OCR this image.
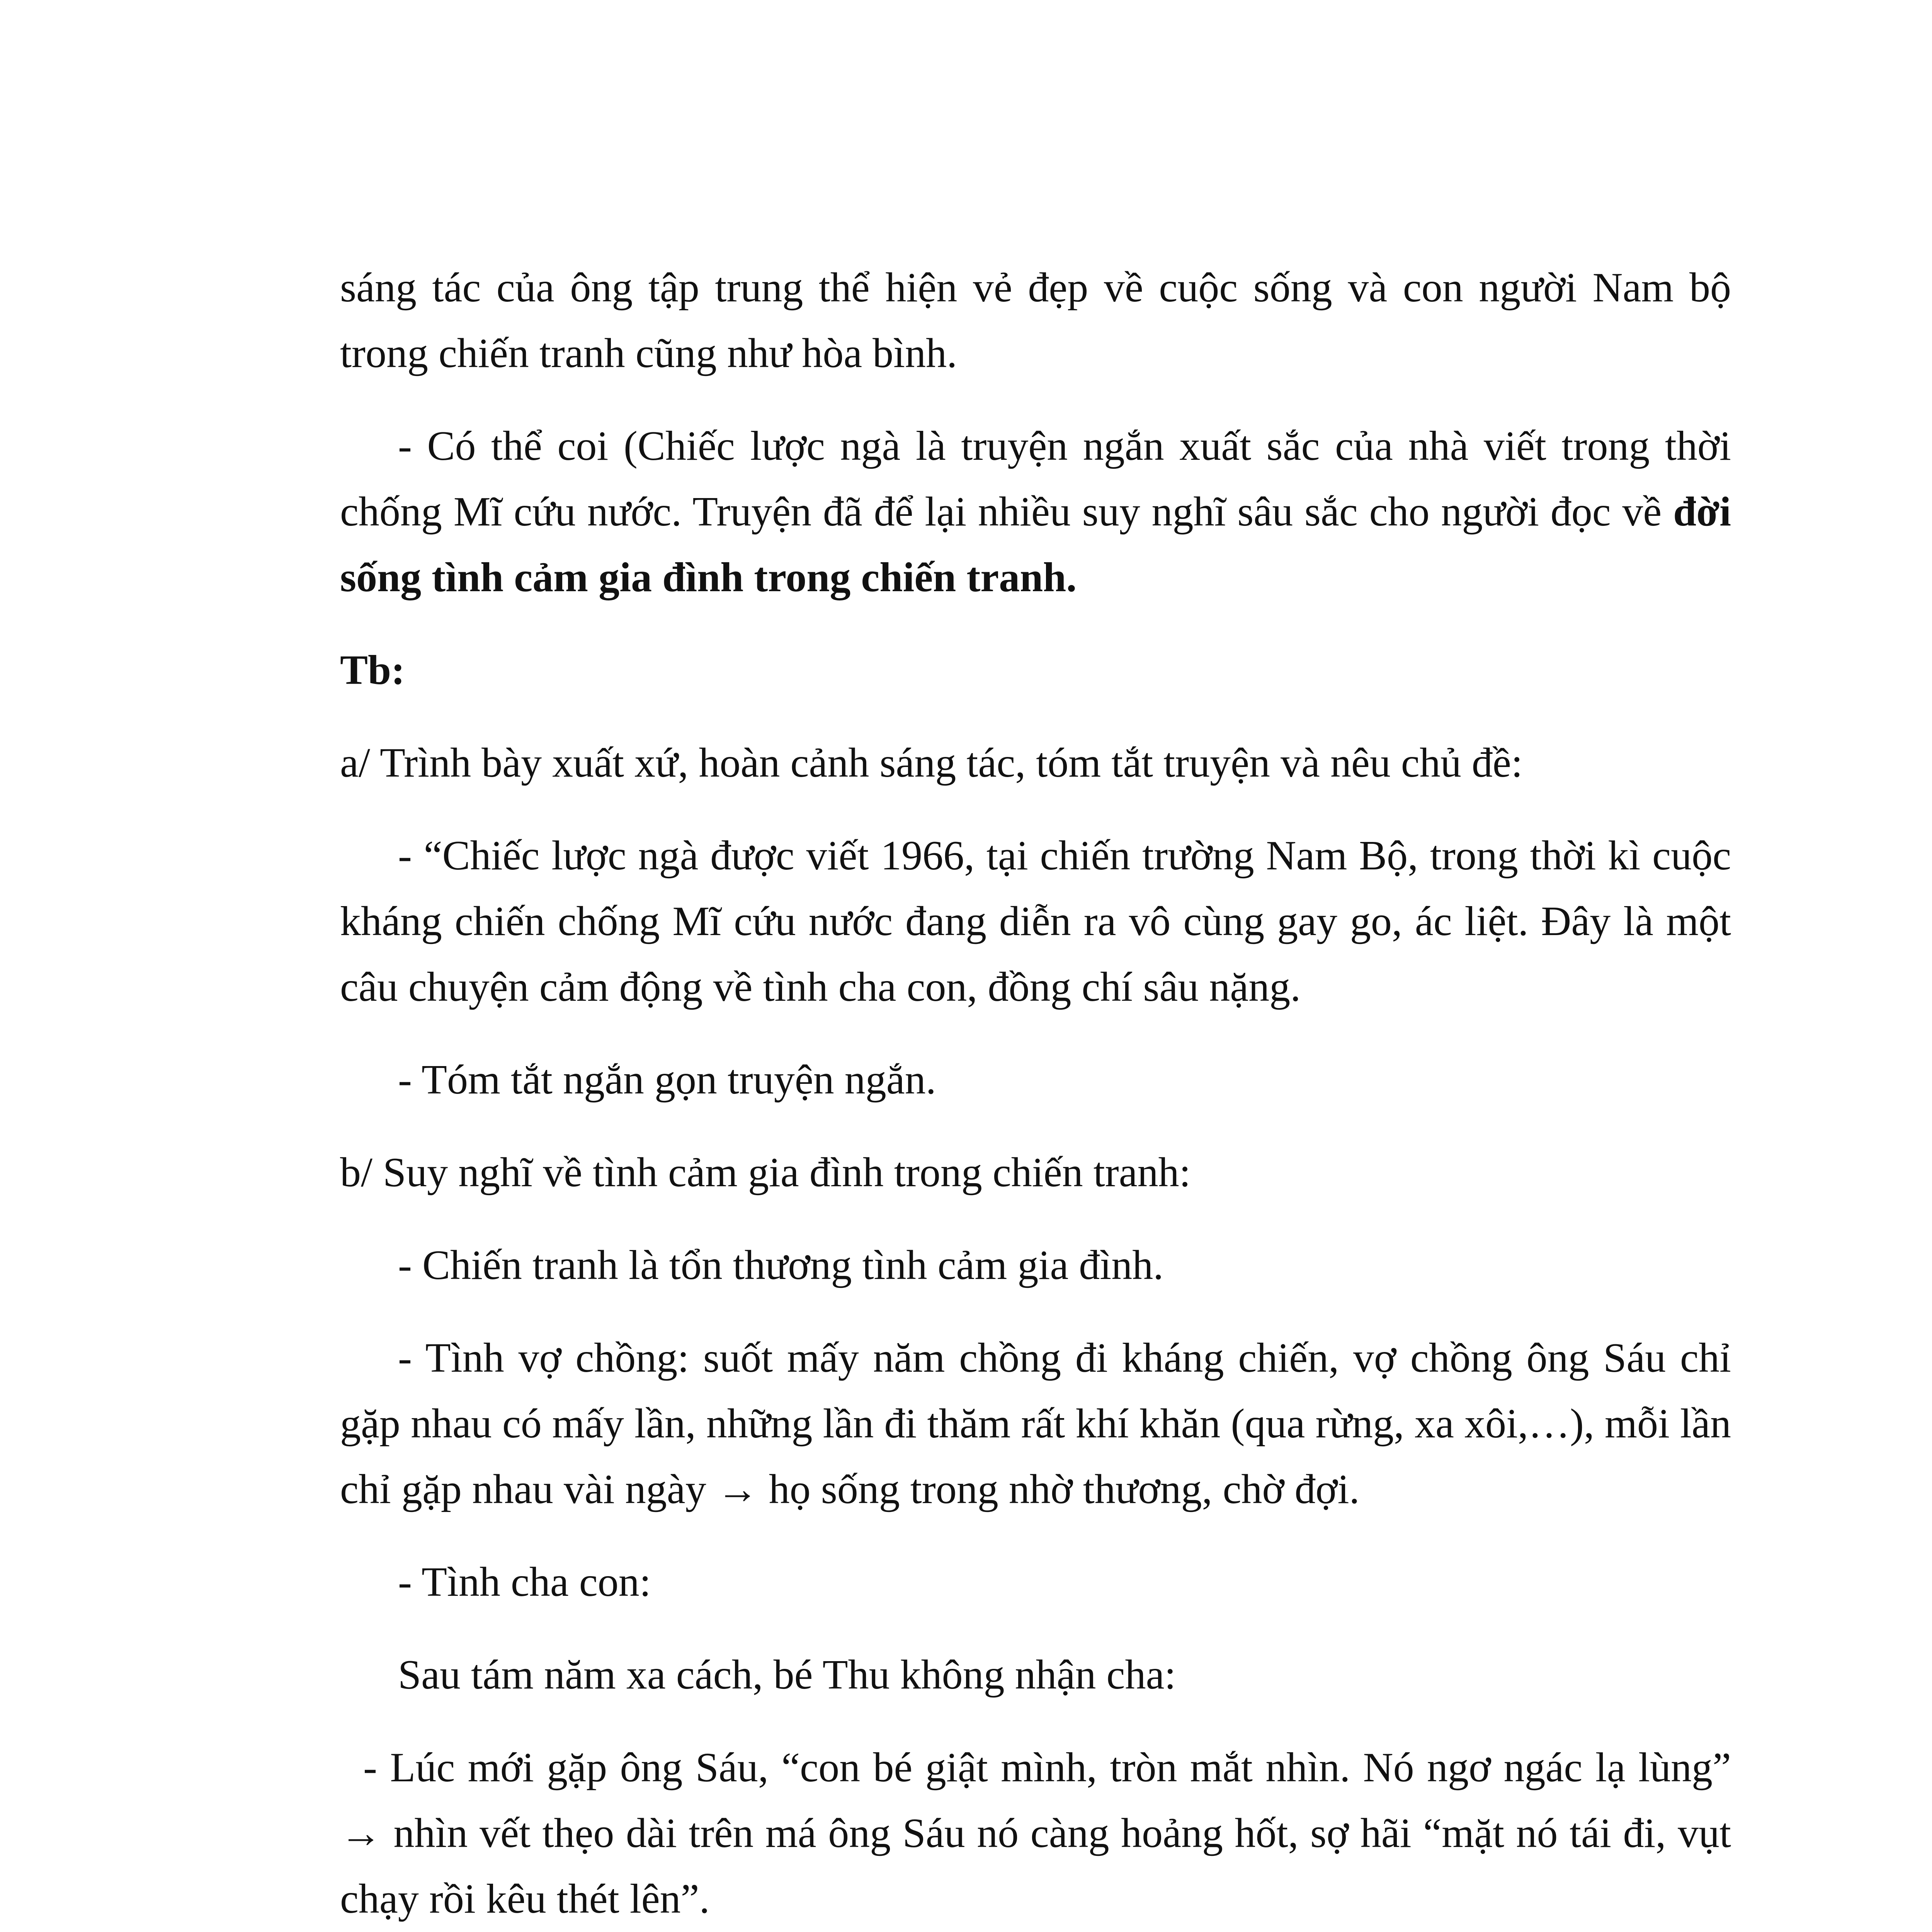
sáng tác của ông tập trung thể hiện vẻ đẹp về cuộc sống và con người Nam bộ trong chiến tranh cũng như hòa bình.

- Có thể coi (Chiếc lược ngà là truyện ngắn xuất sắc của nhà viết trong thời chống Mĩ cứu nước. Truyện đã để lại nhiều suy nghĩ sâu sắc cho người đọc về đời sống tình cảm gia đình trong chiến tranh.

Tb:

a/ Trình bày xuất xứ, hoàn cảnh sáng tác, tóm tắt truyện và nêu chủ đề:

- “Chiếc lược ngà được viết 1966, tại chiến trường Nam Bộ, trong thời kì cuộc kháng chiến chống Mĩ cứu nước đang diễn ra vô cùng gay go, ác liệt. Đây là một câu chuyện cảm động về tình cha con, đồng chí sâu nặng.

- Tóm tắt ngắn gọn truyện ngắn.

b/ Suy nghĩ về tình cảm gia đình trong chiến tranh:

- Chiến tranh là tổn thương tình cảm gia đình.

- Tình vợ chồng: suốt mấy năm chồng đi kháng chiến, vợ chồng ông Sáu chỉ gặp nhau có mấy lần, những lần đi thăm rất khí khăn (qua rừng, xa xôi,…), mỗi lần chỉ gặp nhau vài ngày → họ sống trong nhờ thương, chờ đợi.

- Tình cha con:

Sau tám năm xa cách, bé Thu không nhận cha:

- Lúc mới gặp ông Sáu, “con bé giật mình, tròn mắt nhìn. Nó ngơ ngác lạ lùng” → nhìn vết thẹo dài trên má ông Sáu nó càng hoảng hốt, sợ hãi “mặt nó tái đi, vụt chạy rồi kêu thét lên”.
